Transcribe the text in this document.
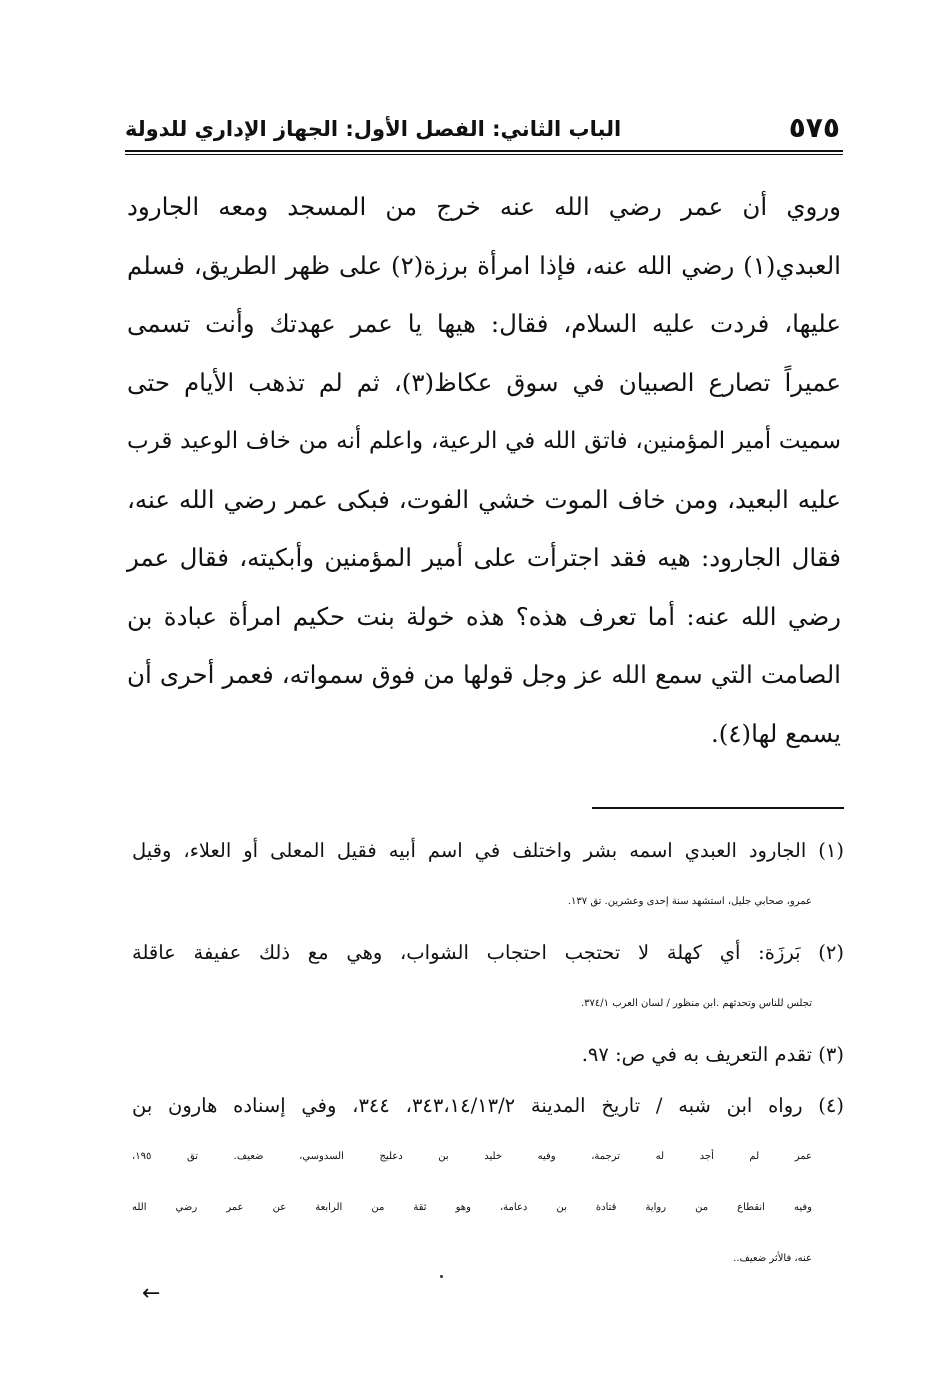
٥٧٥
الباب الثاني: الفصل الأول: الجهاز الإداري للدولة
وروي أن عمر رضي الله عنه خرج من المسجد ومعه الجارود
العبدي(١) رضي الله عنه، فإذا امرأة برزة(٢) على ظهر الطريق، فسلم
عليها، فردت عليه السلام، فقال: هيها يا عمر عهدتك وأنت تسمى
عميراً تصارع الصبيان في سوق عكاظ(٣)، ثم لم تذهب الأيام حتى
سميت أمير المؤمنين، فاتق الله في الرعية، واعلم أنه من خاف الوعيد قرب
عليه البعيد، ومن خاف الموت خشي الفوت، فبكى عمر رضي الله عنه،
فقال الجارود: هيه فقد اجترأت على أمير المؤمنين وأبكيته، فقال عمر
رضي الله عنه: أما تعرف هذه؟ هذه خولة بنت حكيم امرأة عبادة بن
الصامت التي سمع الله عز وجل قولها من فوق سمواته، فعمر أحرى أن
يسمع لها(٤).
(١) الجارود العبدي اسمه بشر واختلف في اسم أبيه فقيل المعلى أو العلاء، وقيل
عمرو، صحابي جليل، استشهد سنة إحدى وعشرين. تق ١٣٧.
(٢) بَرزَة: أي كهلة لا تحتجب احتجاب الشواب، وهي مع ذلك عفيفة عاقلة
تجلس للناس وتحدثهم .ابن منظور / لسان العرب ٣٧٤/١.
(٣) تقدم التعريف به في ص: ٩٧.
(٤) رواه ابن شبه / تاريخ المدينة ٣٤٣،١٤/١٣/٢، ٣٤٤، وفي إسناده هارون بن
عمر لم أجد له ترجمة، وفيه خليد بن دعليج السدوسي، ضعيف. تق ١٩٥،
وفيه انقطاع من رواية قتادة بن دعامة، وهو ثقة من الرابعة عن عمر رضي الله
عنه، فالأثر ضعيف..
←
